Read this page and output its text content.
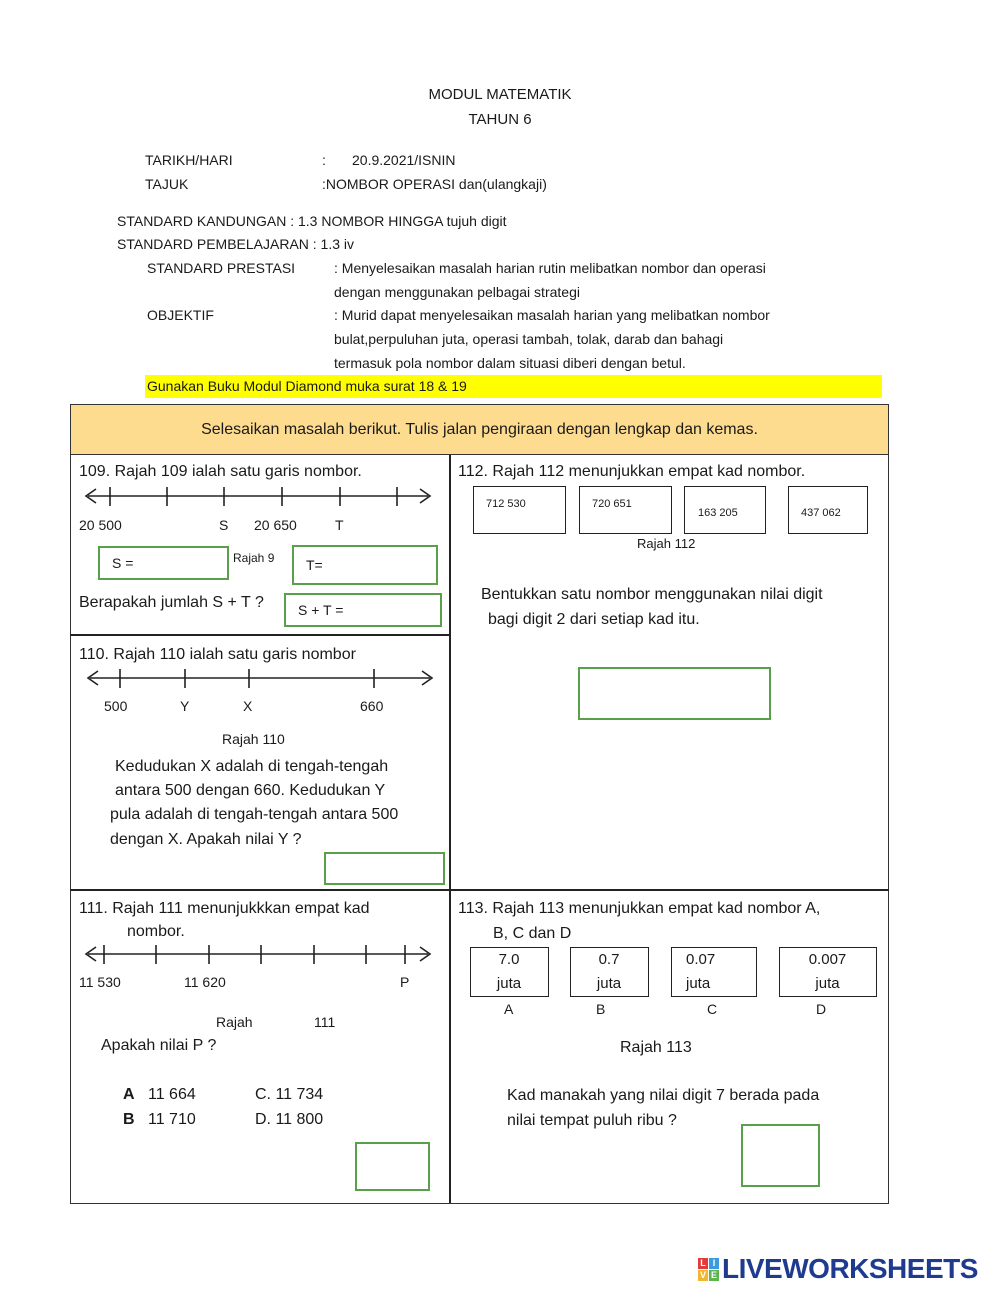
MODUL MATEMATIK
TAHUN 6
TARIKH/HARI	: 20.9.2021/ISNIN
TAJUK	:NOMBOR OPERASI dan(ulangkaji)
STANDARD KANDUNGAN : 1.3 NOMBOR HINGGA tujuh digit
STANDARD PEMBELAJARAN : 1.3 iv
STANDARD PRESTASI	: Menyelesaikan masalah harian rutin melibatkan nombor dan operasi
dengan menggunakan pelbagai strategi
OBJEKTIF	: Murid dapat menyelesaikan masalah harian yang melibatkan nombor
bulat,perpuluhan juta, operasi tambah, tolak, darab dan bahagi
termasuk pola nombor dalam situasi diberi dengan betul.
Gunakan Buku Modul Diamond muka surat 18 & 19
Selesaikan masalah berikut. Tulis jalan pengiraan dengan lengkap dan kemas.
109. Rajah 109 ialah satu garis nombor.
20 500	S 20 650	T
S =	Rajah 9 T=
Berapakah jumlah S + T ? S + T =
110. Rajah 110 ialah satu garis nombor
500	Y	X	660
Rajah 110
Kedudukan X adalah di tengah-tengah
antara 500 dengan 660. Kedudukan Y
pula adalah di tengah-tengah antara 500
dengan X. Apakah nilai Y ?
112. Rajah 112 menunjukkan empat kad nombor.
712 530	720 651
163 205	437 062
Rajah 112
Bentukkan satu nombor menggunakan nilai digit
bagi digit 2 dari setiap kad itu.
111. Rajah 111 menunjukkkan empat kad
nombor.
11 530	11 620	P
Rajah	111
Apakah nilai P ?
A 11 664	C. 11 734
B 11 710	D. 11 800
113. Rajah 113 menunjukkan empat kad nombor A,
B, C dan D
7.0
juta
0.7
juta
0.07
juta
0.007
juta
A	B	C	D
Rajah 113
Kad manakah yang nilai digit 7 berada pada
nilai tempat puluh ribu ?
L I
V E LIVEWORKSHEETS
